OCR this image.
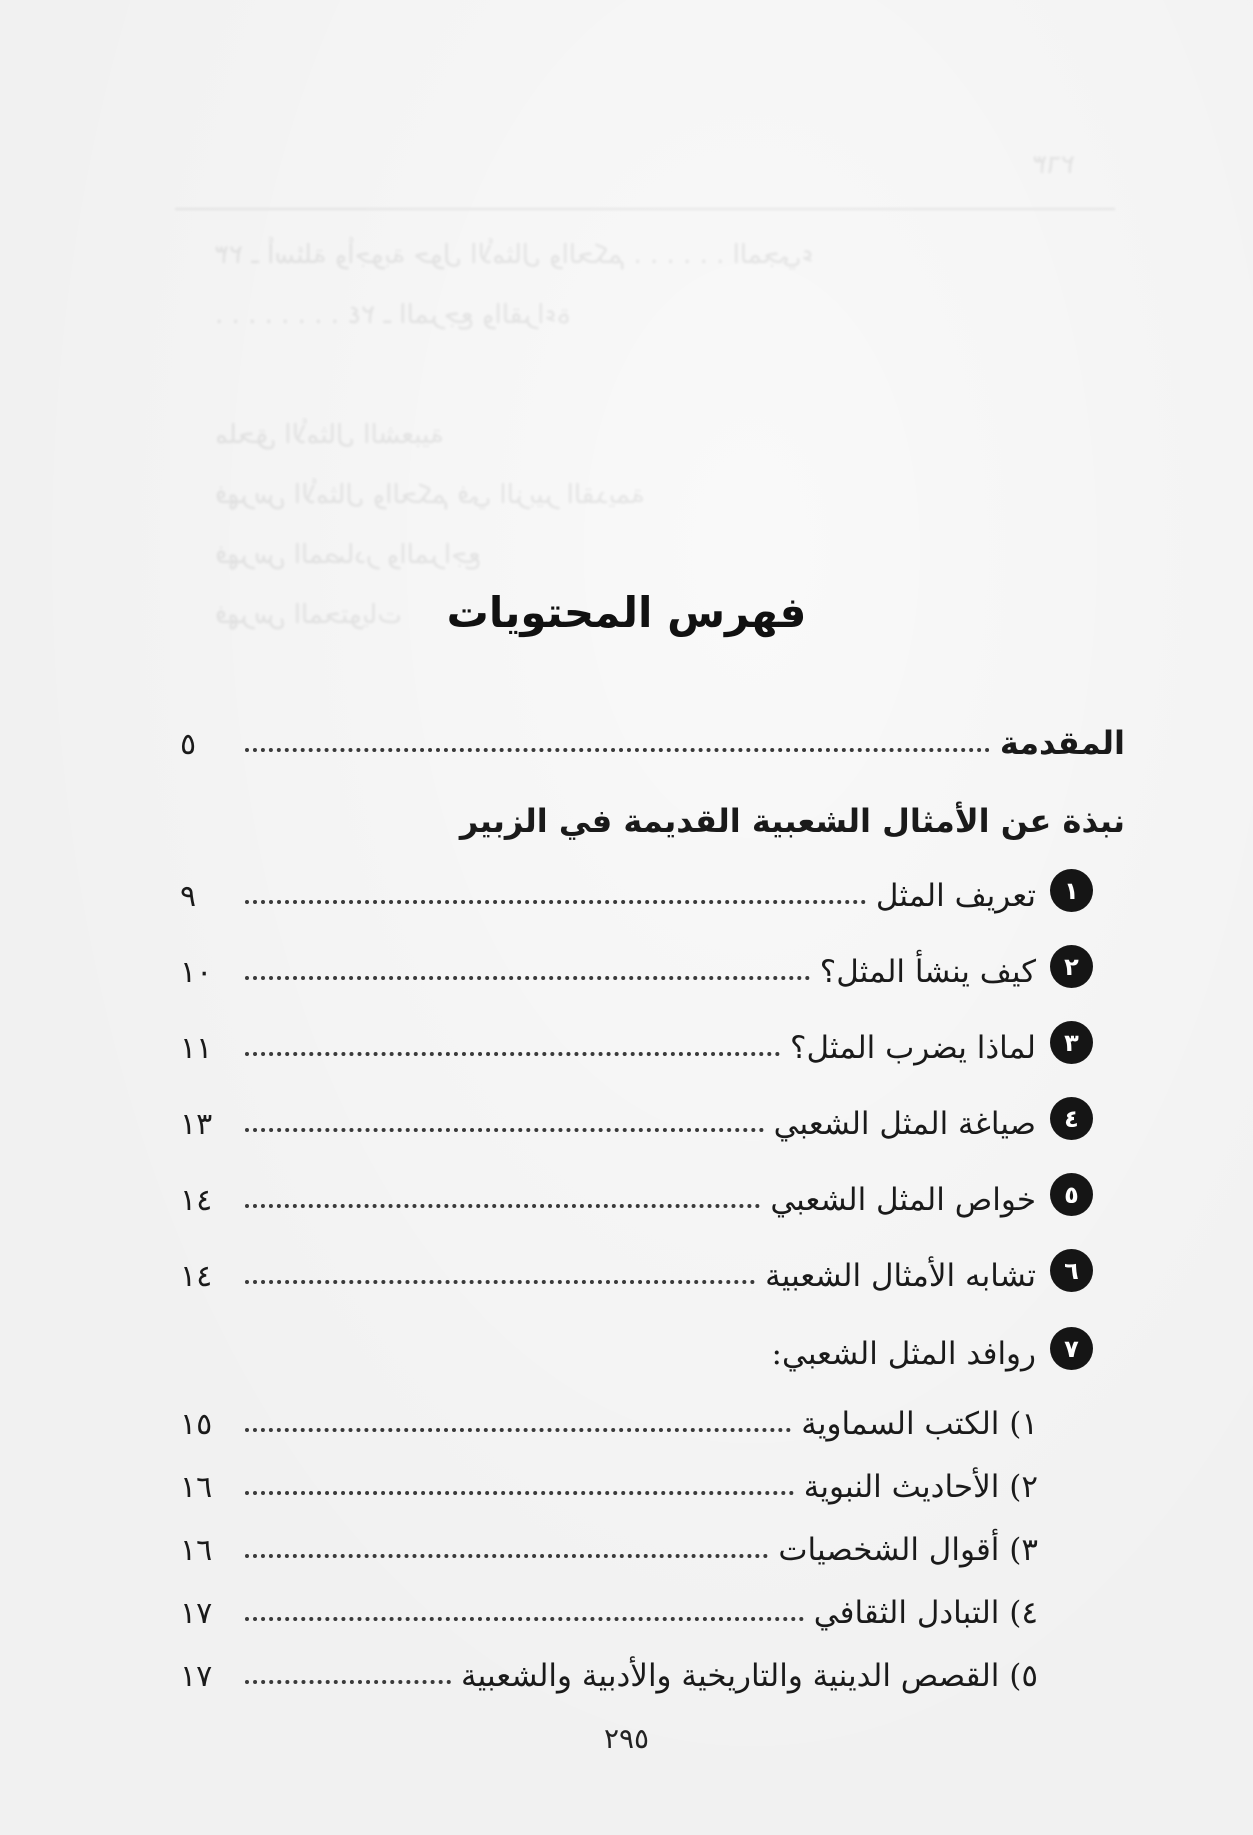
٢٦٣
٢٣ ـ أسئلة وأجوبة حول الأمثال والحكم . . . . . . المجيء
٢٤ ـ المرجع والقراءة . . . . . . . .
ملحق الأمثال الشعبية
فهرس الأمثال والحكم في الزبير القديمة
فهرس المصادر والمراجع
فهرس المحتويات	فهرس المحتويات
المقدمة
٥
نبذة عن الأمثال الشعبية القديمة في الزبير
١
تعريف المثل
٩
٢
كيف ينشأ المثل؟
١٠
٣
لماذا يضرب المثل؟
١١
٤
صياغة المثل الشعبي
١٣
٥
خواص المثل الشعبي
١٤
٦
تشابه الأمثال الشعبية
١٤
٧
روافد المثل الشعبي:
١) الكتب السماوية
١٥
٢) الأحاديث النبوية
١٦
٣) أقوال الشخصيات
١٦
٤) التبادل الثقافي
١٧
٥) القصص الدينية والتاريخية والأدبية والشعبية
١٧
٢٩٥
